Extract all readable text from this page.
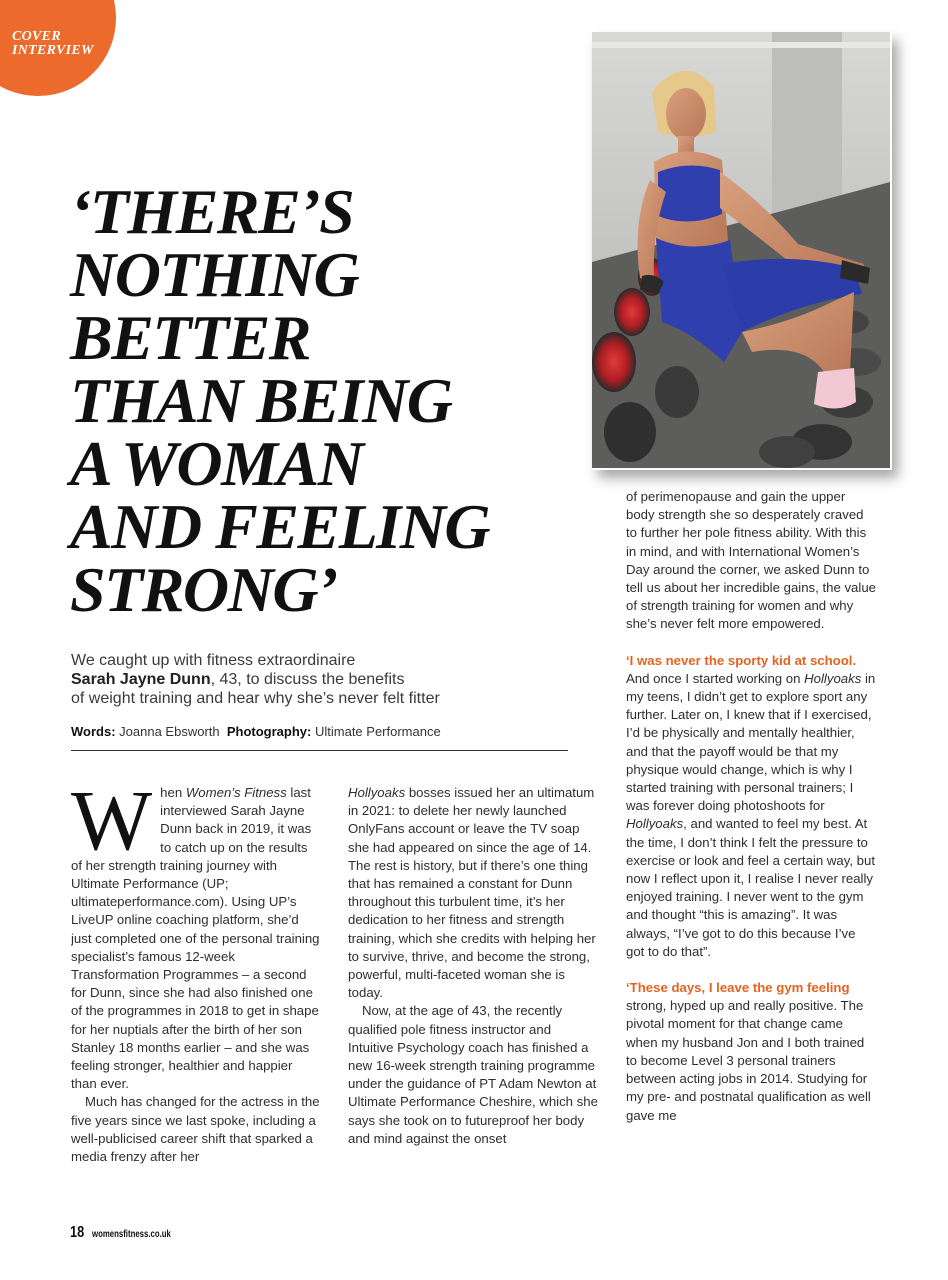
COVER
INTERVIEW
‘THERE’S
NOTHING
BETTER
THAN BEING
A WOMAN
AND FEELING
STRONG’
We caught up with fitness extraordinaire
Sarah Jayne Dunn, 43, to discuss the benefits
of weight training and hear why she’s never felt fitter
Words: Joanna Ebsworth Photography: Ultimate Performance

When Women’s Fitness last interviewed Sarah Jayne Dunn back in 2019, it was to catch up on the results of her strength training journey with Ultimate Performance (UP; ultimateperformance.com). Using UP’s LiveUP online coaching platform, she’d just completed one of the personal training specialist’s famous 12-week Transformation Programmes – a second for Dunn, since she had also finished one of the programmes in 2018 to get in shape for her nuptials after the birth of her son Stanley 18 months earlier – and she was feeling stronger, healthier and happier than ever.

Much has changed for the actress in the five years since we last spoke, including a well-publicised career shift that sparked a media frenzy after her

Hollyoaks bosses issued her an ultimatum in 2021: to delete her newly launched OnlyFans account or leave the TV soap she had appeared on since the age of 14. The rest is history, but if there’s one thing that has remained a constant for Dunn throughout this turbulent time, it’s her dedication to her fitness and strength training, which she credits with helping her to survive, thrive, and become the strong, powerful, multi-faceted woman she is today.

Now, at the age of 43, the recently qualified pole fitness instructor and Intuitive Psychology coach has finished a new 16-week strength training programme under the guidance of PT Adam Newton at Ultimate Performance Cheshire, which she says she took on to futureproof her body and mind against the onset

of perimenopause and gain the upper body strength she so desperately craved to further her pole fitness ability. With this in mind, and with International Women’s Day around the corner, we asked Dunn to tell us about her incredible gains, the value of strength training for women and why she’s never felt more empowered.

‘I was never the sporty kid at school. And once I started working on Hollyoaks in my teens, I didn’t get to explore sport any further. Later on, I knew that if I exercised, I’d be physically and mentally healthier, and that the payoff would be that my physique would change, which is why I started training with personal trainers; I was forever doing photoshoots for Hollyoaks, and wanted to feel my best. At the time, I don’t think I felt the pressure to exercise or look and feel a certain way, but now I reflect upon it, I realise I never really enjoyed training. I never went to the gym and thought “this is amazing”. It was always, “I’ve got to do this because I’ve got to do that”.

‘These days, I leave the gym feeling strong, hyped up and really positive. The pivotal moment for that change came when my husband Jon and I both trained to become Level 3 personal trainers between acting jobs in 2014. Studying for my pre- and postnatal qualification as well gave me

18 womensfitness.co.uk
